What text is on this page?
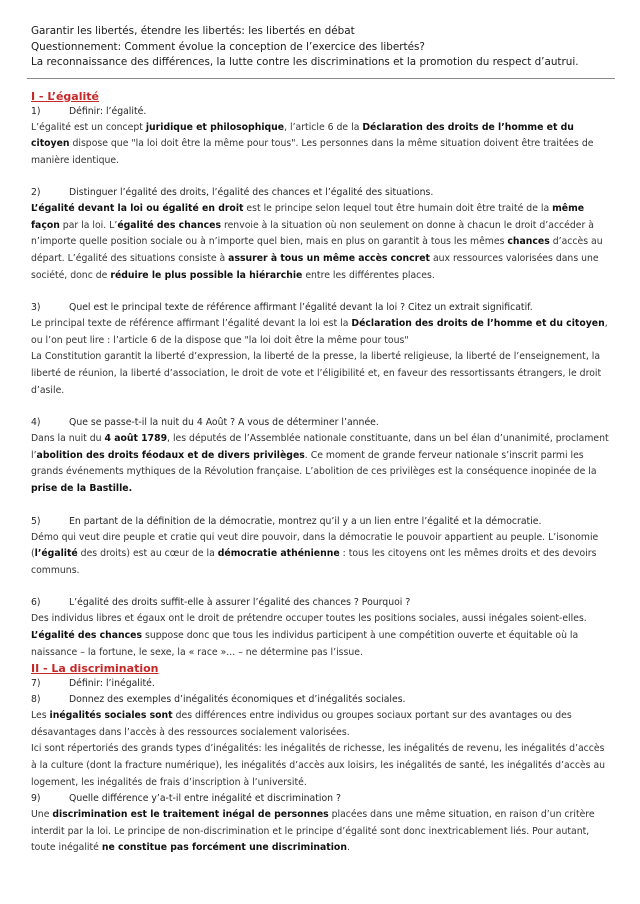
Garantir les libertés, étendre les libertés: les libertés en débat
Questionnement: Comment évolue la conception de l’exercice des libertés?
La reconnaissance des différences, la lutte contre les discriminations et la promotion du respect d’autrui.
I - L’égalité
1)	Définir: l’égalité.
L’égalité est un concept juridique et philosophique, l’article 6 de la Déclaration des droits de l’homme et du citoyen dispose que "la loi doit être la même pour tous". Les personnes dans la même situation doivent être traitées de manière identique.
2)	Distinguer l’égalité des droits, l’égalité des chances et l’égalité des situations.
L’égalité devant la loi ou égalité en droit est le principe selon lequel tout être humain doit être traité de la même façon par la loi. L’égalité des chances renvoie à la situation où non seulement on donne à chacun le droit d’accéder à n’importe quelle position sociale ou à n’importe quel bien, mais en plus on garantit à tous les mêmes chances d’accès au départ. L’égalité des situations consiste à assurer à tous un même accès concret aux ressources valorisées dans une société, donc de réduire le plus possible la hiérarchie entre les différentes places.
3)	Quel est le principal texte de référence affirmant l’égalité devant la loi ? Citez un extrait significatif.
Le principal texte de référence affirmant l’égalité devant la loi est la Déclaration des droits de l’homme et du citoyen, ou l’on peut lire : l’article 6 de la dispose que "la loi doit être la même pour tous"
La Constitution garantit la liberté d’expression, la liberté de la presse, la liberté religieuse, la liberté de l’enseignement, la liberté de réunion, la liberté d’association, le droit de vote et l’éligibilité et, en faveur des ressortissants étrangers, le droit d’asile.
4)	Que se passe-t-il la nuit du 4 Août ? A vous de déterminer l’année.
Dans la nuit du 4 août 1789, les députés de l’Assemblée nationale constituante, dans un bel élan d’unanimité, proclament l’abolition des droits féodaux et de divers privilèges. Ce moment de grande ferveur nationale s’inscrit parmi les grands événements mythiques de la Révolution française. L’abolition de ces privilèges est la conséquence inopinée de la prise de la Bastille.
5)	En partant de la définition de la démocratie, montrez qu’il y a un lien entre l’égalité et la démocratie.
Démo qui veut dire peuple et cratie qui veut dire pouvoir, dans la démocratie le pouvoir appartient au peuple. L’isonomie (l’égalité des droits) est au cœur de la démocratie athénienne : tous les citoyens ont les mêmes droits et des devoirs communs.
6)	L’égalité des droits suffit-elle à assurer l’égalité des chances ? Pourquoi ?
Des individus libres et égaux ont le droit de prétendre occuper toutes les positions sociales, aussi inégales soient-elles. L’égalité des chances suppose donc que tous les individus participent à une compétition ouverte et équitable où la naissance – la fortune, le sexe, la « race »... – ne détermine pas l’issue.
II - La discrimination
7)	Définir: l’inégalité.
8)	Donnez des exemples d’inégalités économiques et d’inégalités sociales.
Les inégalités sociales sont des différences entre individus ou groupes sociaux portant sur des avantages ou des désavantages dans l’accès à des ressources socialement valorisées.
Ici sont répertoriés des grands types d’inégalités: les inégalités de richesse, les inégalités de revenu, les inégalités d’accès à la culture (dont la fracture numérique), les inégalités d’accès aux loisirs, les inégalités de santé, les inégalités d’accès au logement, les inégalités de frais d’inscription à l’université.
9)	Quelle différence y’a-t-il entre inégalité et discrimination ?
Une discrimination est le traitement inégal de personnes placées dans une même situation, en raison d’un critère interdit par la loi. Le principe de non-discrimination et le principe d’égalité sont donc inextricablement liés. Pour autant, toute inégalité ne constitue pas forcément une discrimination.
